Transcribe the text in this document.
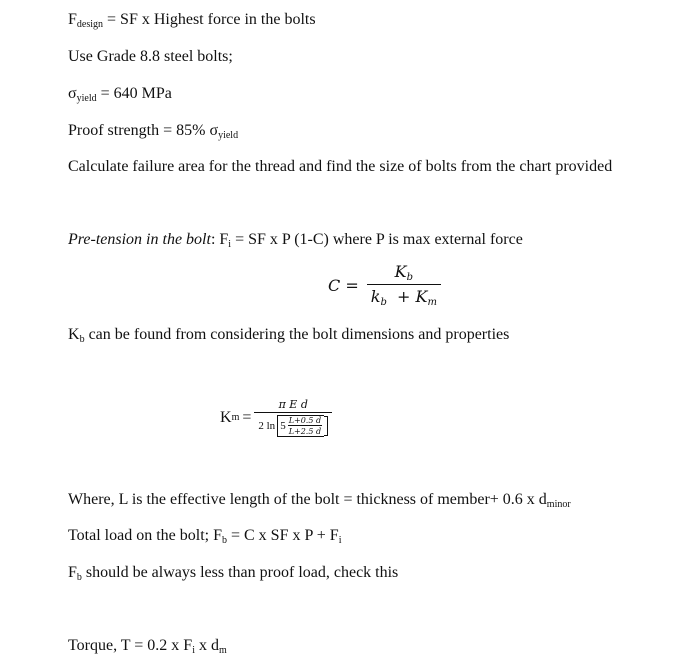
$F_{design}$ = SF x Highest force in the bolts
Use Grade 8.8 steel bolts;
$\sigma_{yield} = 640$ MPa
Proof strength = 85% $\sigma_{yield}$
Calculate failure area for the thread and find the size of bolts from the chart provided
Pre-tension in the bolt: $F_i$ = SF x P (1-C) where P is max external force
$C = \frac{K_b}{k_b + K_m}$
$K_b$ can be found from considering the bolt dimensions and properties
K m =
π E d
2 $\ln 5 \frac{L+0.5 d}{L+2.5 d}$
Where, L is the effective length of the bolt = thickness of member+ 0.6 x $d_{minor}$
Total load on the bolt; $F_b = C$ x SF x $P + F_i$
$F_b$ should be always less than proof load, check this
Torque, T = 0.2 x $F_i$ x $d_m$
